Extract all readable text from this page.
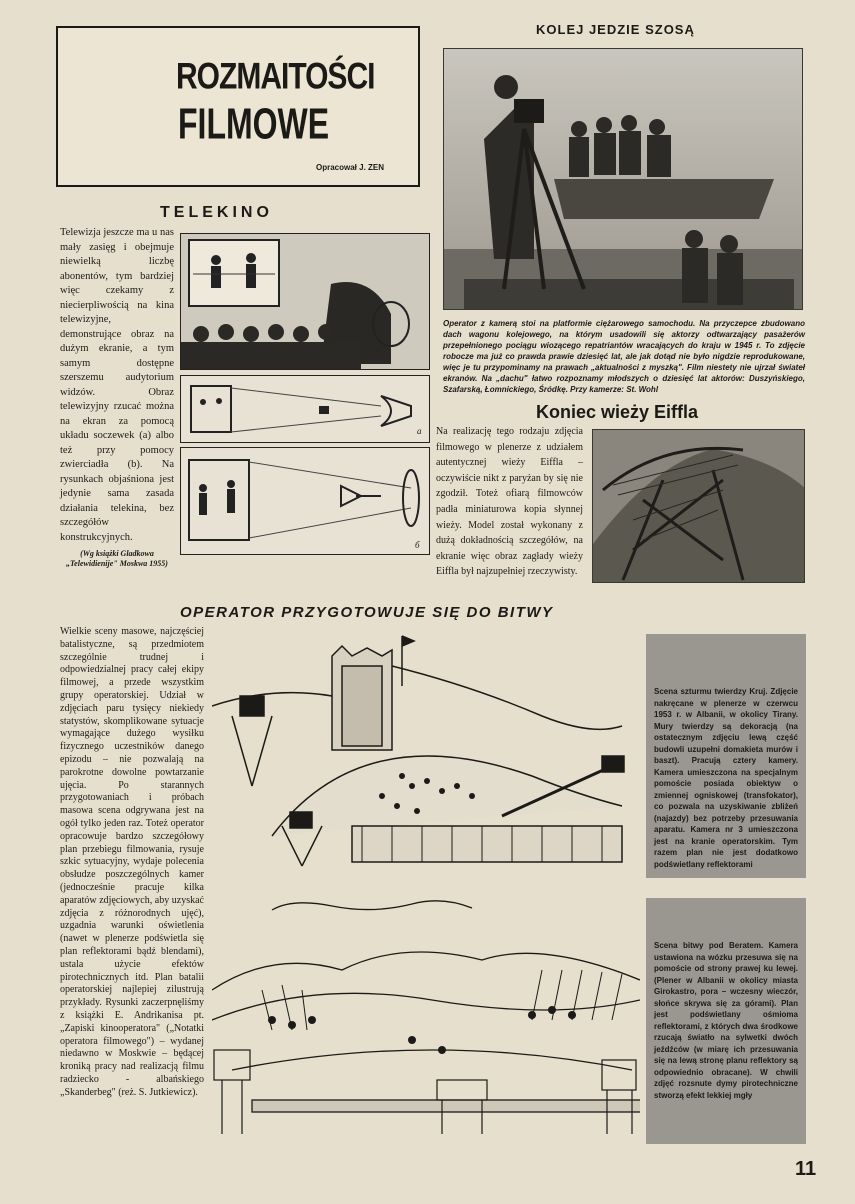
ROZMAITOŚCI
FILMOWE
Opracował J. ZEN
KOLEJ JEDZIE SZOSĄ

Operator z kamerą stoi na platformie ciężarowego samochodu. Na przyczepce zbudowano dach wagonu kolejowego, na którym usadowili się aktorzy odtwarzający pasażerów przepełnionego pociągu wiozącego repatriantów wracających do kraju w 1945 r. To zdjęcie robocze ma już co prawda prawie dziesięć lat, ale jak dotąd nie było nigdzie reprodukowane, więc je tu przypominamy na prawach „aktualności z myszką". Film niestety nie ujrzał świateł ekranów. Na „dachu" łatwo rozpoznamy młodszych o dziesięć lat aktorów: Duszyńskiego, Szafarską, Łomnickiego, Śródkę. Przy kamerze: St. Wohl

TELEKINO

Telewizja jeszcze ma u nas mały zasięg i obejmuje niewielką liczbę abonentów, tym bardziej więc czekamy z niecierpliwością na kina telewizyjne, demonstrujące obraz na dużym ekranie, a tym samym dostępne szerszemu audytorium widzów. Obraz telewizyjny rzucać można na ekran za pomocą układu soczewek (a) albo też przy pomocy zwierciadła (b). Na rysunkach objaśniona jest jedynie sama zasada działania telekina, bez szczegółów konstrukcyjnych.

(Wg książki Gladkowa „Telewidienije" Moskwa 1955)
a
б
Koniec wieży Eiffla

Na realizację tego rodzaju zdjęcia filmowego w plenerze z udziałem autentycznej wieży Eiffla – oczywiście nikt z paryżan by się nie zgodził. Toteż ofiarą filmowców padła miniaturowa kopia słynnej wieży. Model został wykonany z dużą dokładnością szczegółów, na ekranie więc obraz zagłady wieży Eiffla był najzupełniej rzeczywisty.

OPERATOR PRZYGOTOWUJE SIĘ DO BITWY

Wielkie sceny masowe, najczęściej batalistyczne, są przedmiotem szczególnie trudnej i odpowiedzialnej pracy całej ekipy filmowej, a przede wszystkim grupy operatorskiej. Udział w zdjęciach paru tysięcy niekiedy statystów, skomplikowane sytuacje wymagające dużego wysiłku fizycznego uczestników danego epizodu – nie pozwalają na parokrotne dowolne powtarzanie ujęcia. Po starannych przygotowaniach i próbach masowa scena odgrywana jest na ogół tylko jeden raz. Toteż operator opracowuje bardzo szczegółowy plan przebiegu filmowania, rysuje szkic sytuacyjny, wydaje polecenia obsłudze poszczególnych kamer (jednocześnie pracuje kilka aparatów zdjęciowych, aby uzyskać zdjęcia z różnorodnych ujęć), uzgadnia warunki oświetlenia (nawet w plenerze podświetla się plan reflektorami bądź blendami), ustala użycie efektów pirotechnicznych itd. Plan batalii operatorskiej najlepiej zilustrują przykłady. Rysunki zaczerpnęliśmy z książki E. Andrikanisa pt. „Zapiski kinooperatora" („Notatki operatora filmowego") – wydanej niedawno w Moskwie – będącej kroniką pracy nad realizacją filmu radziecko - albańskiego „Skanderbeg" (reż. S. Jutkiewicz).

Scena szturmu twierdzy Kruj. Zdjęcie nakręcane w plenerze w czerwcu 1953 r. w Albanii, w okolicy Tirany. Mury twierdzy są dekoracją (na ostatecznym zdjęciu lewą część budowli uzupełni domakieta murów i baszt). Pracują cztery kamery. Kamera umieszczona na specjalnym pomoście posiada obiektyw o zmiennej ogniskowej (transfokator), co pozwala na uzyskiwanie zbliżeń (najazdy) bez potrzeby przesuwania aparatu. Kamera nr 3 umieszczona jest na kranie operatorskim. Tym razem plan nie jest dodatkowo podświetlany reflektorami

Scena bitwy pod Beratem. Kamera ustawiona na wózku przesuwa się na pomoście od strony prawej ku lewej. (Plener w Albanii w okolicy miasta Girokastro, pora – wczesny wieczór, słońce skrywa się za górami). Plan jest podświetlany ośmioma reflektorami, z których dwa środkowe rzucają światło na sylwetki dwóch jeźdźców (w miarę ich przesuwania się na lewą stronę planu reflektory są odpowiednio obracane). W chwili zdjęć rozsnute dymy pirotechniczne stworzą efekt lekkiej mgły

11
